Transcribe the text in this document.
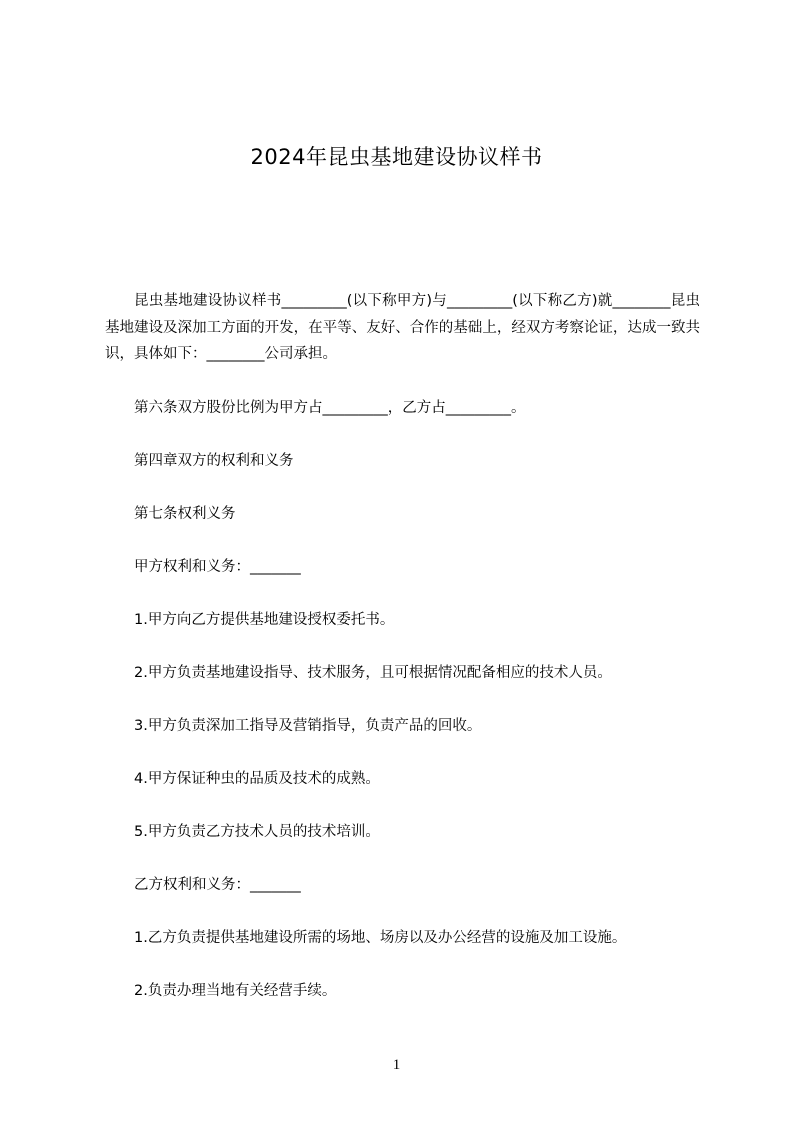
2024年昆虫基地建设协议样书
昆虫基地建设协议样书_________(以下称甲方)与_________(以下称乙方)就________昆虫基地建设及深加工方面的开发，在平等、友好、合作的基础上，经双方考察论证，达成一致共识，具体如下：________公司承担。
第六条双方股份比例为甲方占_________，乙方占_________。
第四章双方的权利和义务
第七条权利义务
甲方权利和义务：_______
1.甲方向乙方提供基地建设授权委托书。
2.甲方负责基地建设指导、技术服务，且可根据情况配备相应的技术人员。
3.甲方负责深加工指导及营销指导，负责产品的回收。
4.甲方保证种虫的品质及技术的成熟。
5.甲方负责乙方技术人员的技术培训。
乙方权利和义务：_______
1.乙方负责提供基地建设所需的场地、场房以及办公经营的设施及加工设施。
2.负责办理当地有关经营手续。
1
